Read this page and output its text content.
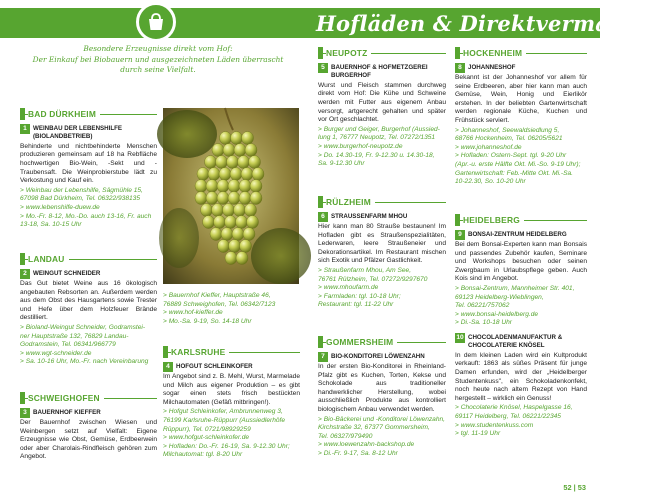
Hofläden & Direktvermarkter
Besondere Erzeugnisse direkt vom Hof:
Der Einkauf bei Biobauern und ausgezeichneten Läden überrascht
durch seine Vielfalt.
BAD DÜRKHEIM
1 WEINBAU DER LEBENSHILFE (BIOLANDBETRIEB)
Behinderte und nichtbehinderte Menschen produzieren gemeinsam auf 18 ha Rebfläche hochwertigen Bio-Wein, -Sekt und -Traubensaft. Die Weinprobierstube lädt zu Verkostung und Kauf ein.
> Weinbau der Lebenshilfe, Sägmühle 15,
67098 Bad Dürkheim, Tel. 06322/938135
> www.lebenshilfe-duew.de
> Mo.-Fr. 8-12, Mo.-Do. auch 13-16, Fr. auch
13-18, Sa. 10-15 Uhr
LANDAU
2 WEINGUT SCHNEIDER
Das Gut bietet Weine aus 16 ökologisch angebauten Rebsorten an. Außerdem werden aus dem Obst des Hausgartens sowie Trester und Hefe über dem Holzfeuer Brände destilliert.
> Bioland-Weingut Schneider, Godramstei-
ner Hauptstraße 132, 76829 Landau-
Godramstein, Tel. 06341/966779
> www.wgt-schneider.de
> Sa. 10-16 Uhr, Mo.-Fr. nach Vereinbarung
SCHWEIGHOFEN
3 BAUERNHOF KIEFFER
Der Bauernhof zwischen Wiesen und Weinbergen setzt auf Vielfalt: Eigene Erzeugnisse wie Obst, Gemüse, Erdbeerwein oder aber Charolais-Rindfleisch gehören zum Angebot.
> Bauernhof Kieffer, Hauptstraße 46,
76889 Schweighofen, Tel. 06342/7123
> www.hof-kieffer.de
> Mo.-Sa. 9-19, So. 14-18 Uhr
KARLSRUHE
4 HOFGUT SCHLEINKOFER
Im Angebot sind z. B. Mehl, Wurst, Marmelade und Milch aus eigener Produktion – es gibt sogar einen stets frisch bestückten Milchautomaten (Gefäß mitbringen!).
> Hofgut Schleinkofer, Ambrunnenweg 3,
76199 Karlsruhe-Rüppurr (Aussiedlerhöfe
Rüppurr), Tel. 0721/98929259
> www.hofgut-schleinkofer.de
> Hofladen: Do.-Fr. 16-19, Sa. 9-12.30 Uhr;
Milchautomat: tgl. 8-20 Uhr
NEUPOTZ
5 BAUERNHOF & HOFMETZGEREI BURGERHOF
Wurst und Fleisch stammen durchweg direkt vom Hof: Die Kühe und Schweine werden mit Futter aus eigenem Anbau versorgt, artgerecht gehalten und später vor Ort geschlachtet.
> Burger und Geiger, Burgerhof (Aussied-
lung 1, 76777 Neupotz, Tel. 07272/1351
> www.burgerhof-neupotz.de
> Do. 14.30-19, Fr. 9-12.30 u. 14.30-18,
Sa. 9-12.30 Uhr
RÜLZHEIM
6 STRAUSSENFARM MHOU
Hier kann man 80 Strauße bestaunen! Im Hofladen gibt es Straußenspezialitäten, Lederwaren, leere Straußeneier und Dekorationsartikel. Im Restaurant mischen sich Exotik und Pfälzer Gastlichkeit.
> Straußenfarm Mhou, Am See,
76761 Rülzheim, Tel. 07272/9297670
> www.mhoufarm.de
> Farmladen: tgl. 10-18 Uhr;
Restaurant: tgl. 11-22 Uhr
GOMMERSHEIM
7 BIO-KONDITOREI LÖWENZAHN
In der ersten Bio-Konditorei in Rheinland-Pfalz gibt es Kuchen, Torten, Kekse und Schokolade aus traditioneller handwerklicher Herstellung, wobei ausschließlich Produkte aus kontrolliert biologischem Anbau verwendet werden.
> Bio-Bäckerei und -Konditorei Löwenzahn,
Kirchstraße 32, 67377 Gommersheim,
Tel. 06327/979490
> www.loewenzahn-backshop.de
> Di.-Fr. 9-17, Sa. 8-12 Uhr
HOCKENHEIM
8 JOHANNESHOF
Bekannt ist der Johanneshof vor allem für seine Erdbeeren, aber hier kann man auch Gemüse, Wein, Honig und Eierlikör erstehen. In der beliebten Gartenwirtschaft werden regionale Küche, Kuchen und Frühstück serviert.
> Johanneshof, Seewaldsiedlung 5,
68766 Hockenheim, Tel. 06205/5621
> www.johanneshof.de
> Hofladen: Ostern-Sept. tgl. 9-20 Uhr
(Apr.-u. erste Hälfte Okt. Mi.-So. 9-19 Uhr);
Gartenwirtschaft: Feb.-Mitte Okt. Mi.-Sa.
10-22.30, So. 10-20 Uhr
HEIDELBERG
9 BONSAI-ZENTRUM HEIDELBERG
Bei dem Bonsai-Experten kann man Bonsais und passendes Zubehör kaufen, Seminare und Workshops besuchen oder seinen Zwergbaum in Urlaubspflege geben. Auch Kois sind im Angebot.
> Bonsai-Zentrum, Mannheimer Str. 401,
69123 Heidelberg-Wieblingen,
Tel. 06221/757062
> www.bonsai-heidelberg.de
> Di.-Sa. 10-18 Uhr
10 CHOCOLADENMANUFAKTUR & CHOCOLATERIE KNÖSEL
In dem kleinen Laden wird ein Kultprodukt verkauft: 1863 als süßes Präsent für junge Damen erfunden, wird der „Heidelberger Studentenkuss", ein Schokoladenkonfekt, noch heute nach altem Rezept von Hand hergestellt – wirklich ein Genuss!
> Chocolaterie Knösel, Haspelgasse 16,
69117 Heidelberg, Tel. 06221/22345
> www.studentenkuss.com
> tgl. 11-19 Uhr
52 | 53
